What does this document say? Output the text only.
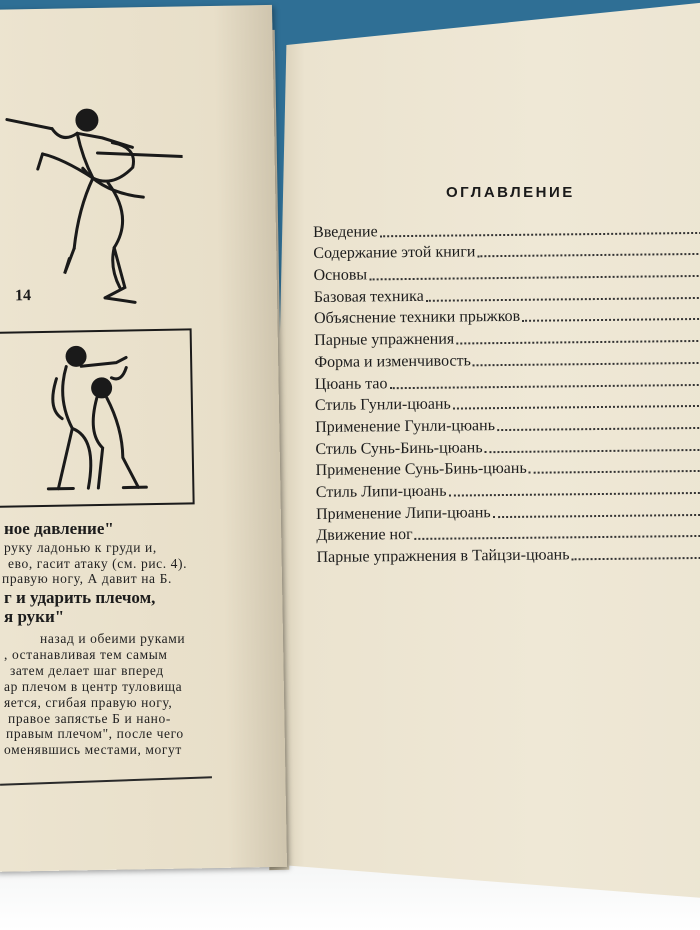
14
ное давление"
руку ладонью к груди и,
ево, гасит атаку (см. рис. 4).
правую ногу, А давит на Б.
г и ударить плечом,
я руки"
назад и обеими руками
, останавливая тем самым
затем делает шаг вперед
ар плечом в центр туловища
яется, сгибая правую ногу,
правое запястье Б и нано-
правым плечом", после чего
оменявшись местами, могут
ОГЛАВЛЕНИЕ
Введение
Содержание этой книги
Основы
Базовая техника
Объяснение техники прыжков
Парные упражнения
Форма и изменчивость
Цюань тао
Стиль Гунли-цюань
Применение Гунли-цюань
Стиль Сунь-Бинь-цюань
Применение Сунь-Бинь-цюань
Стиль Липи-цюань
Применение Липи-цюань
Движение ног
Парные упражнения в Тайцзи-цюань
